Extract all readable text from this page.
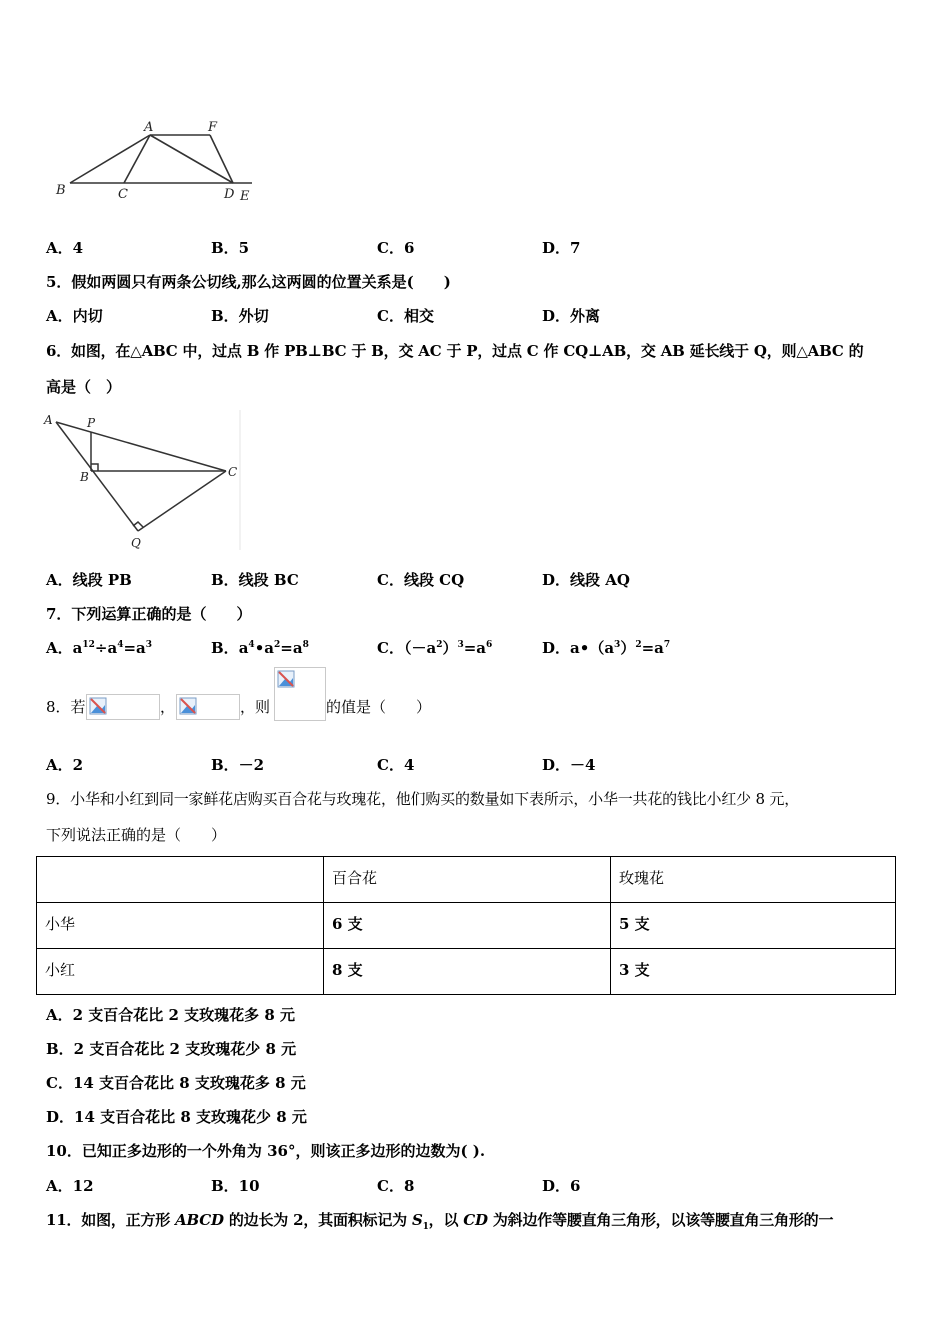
A	F
B	C	D E
A．4	B．5	C．6	D．7
5．假如两圆只有两条公切线,那么这两圆的位置关系是(　　)
A．内切	B．外切	C．相交	D．外离
6．如图，在△ABC 中，过点 B 作 PB⊥BC 于 B，交 AC 于 P，过点 C 作 CQ⊥AB，交 AB 延长线于 Q，则△ABC 的
高是（　）
A	P
B	C
Q
A．线段 PB	B．线段 BC	C．线段 CQ	D．线段 AQ
7．下列运算正确的是（　　）
A．$a^{12}\div a^4=a^3$	B．$a^4•a^2=a^8$	C．$(-a^2)^3=a^6$	D．$a•(a^3)^2=a^7$
8．若	，	，则	的值是（　　）
A．2	B．－2	C．4	D．－4
9．小华和小红到同一家鲜花店购买百合花与玫瑰花，他们购买的数量如下表所示，小华一共花的钱比小红少 8 元，
下列说法正确的是（　　）
	百合花	玫瑰花
小华	6 支	5 支
小红	8 支	3 支
A．2 支百合花比 2 支玫瑰花多 8 元
B．2 支百合花比 2 支玫瑰花少 8 元
C．14 支百合花比 8 支玫瑰花多 8 元
D．14 支百合花比 8 支玫瑰花少 8 元
10．已知正多边形的一个外角为 36°，则该正多边形的边数为( ).
A．12	B．10	C．8	D．6
11．如图，正方形 ABCD 的边长为 2，其面积标记为 $S_1$，以 CD 为斜边作等腰直角三角形，以该等腰直角三角形的一
